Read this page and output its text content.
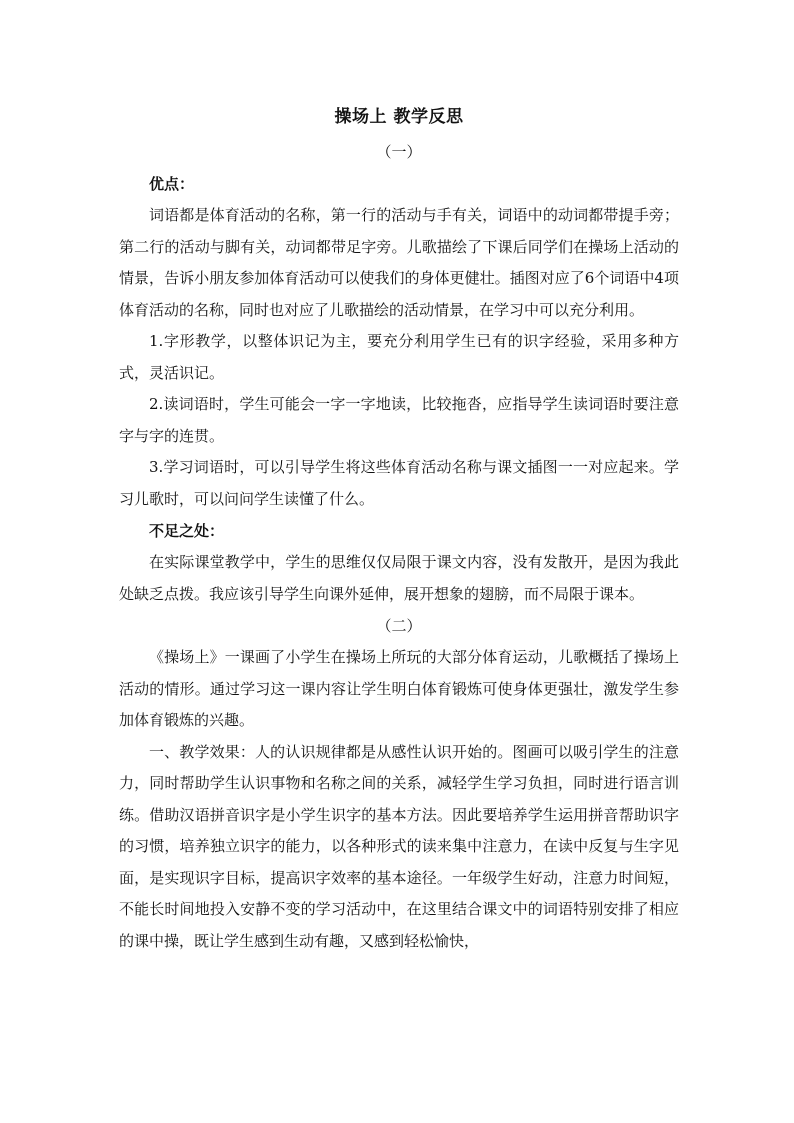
操场上 教学反思

（一）

优点：

词语都是体育活动的名称，第一行的活动与手有关，词语中的动词都带提手旁；第二行的活动与脚有关，动词都带足字旁。儿歌描绘了下课后同学们在操场上活动的情景，告诉小朋友参加体育活动可以使我们的身体更健壮。插图对应了6个词语中4项体育活动的名称，同时也对应了儿歌描绘的活动情景，在学习中可以充分利用。

1.字形教学，以整体识记为主，要充分利用学生已有的识字经验，采用多种方式，灵活识记。

2.读词语时，学生可能会一字一字地读，比较拖沓，应指导学生读词语时要注意字与字的连贯。

3.学习词语时，可以引导学生将这些体育活动名称与课文插图一一对应起来。学习儿歌时，可以问问学生读懂了什么。

不足之处：

在实际课堂教学中，学生的思维仅仅局限于课文内容，没有发散开，是因为我此处缺乏点拨。我应该引导学生向课外延伸，展开想象的翅膀，而不局限于课本。

（二）

《操场上》一课画了小学生在操场上所玩的大部分体育运动，儿歌概括了操场上活动的情形。通过学习这一课内容让学生明白体育锻炼可使身体更强壮，激发学生参加体育锻炼的兴趣。

一、教学效果：人的认识规律都是从感性认识开始的。图画可以吸引学生的注意力，同时帮助学生认识事物和名称之间的关系，减轻学生学习负担，同时进行语言训练。借助汉语拼音识字是小学生识字的基本方法。因此要培养学生运用拼音帮助识字的习惯，培养独立识字的能力，以各种形式的读来集中注意力，在读中反复与生字见面，是实现识字目标，提高识字效率的基本途径。一年级学生好动，注意力时间短，不能长时间地投入安静不变的学习活动中，在这里结合课文中的词语特别安排了相应的课中操，既让学生感到生动有趣，又感到轻松愉快，
